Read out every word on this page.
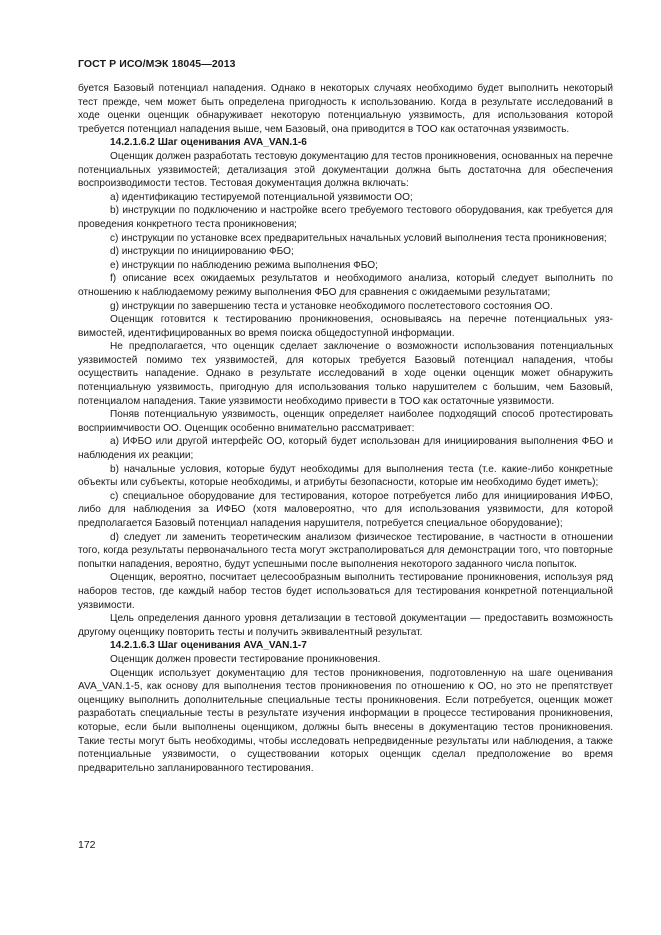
ГОСТ Р ИСО/МЭК 18045—2013

буется Базовый потенциал нападения. Однако в некоторых случаях необходимо будет выполнить некоторый тест прежде, чем может быть определена пригодность к использованию. Когда в результате исследований в ходе оценки оценщик обнаруживает некоторую потенциальную уязвимость, для использования которой требуется потенциал нападения выше, чем Базовый, она приводится в ТОО как остаточная уязвимость.

14.2.1.6.2 Шаг оценивания AVA_VAN.1-6

Оценщик должен разработать тестовую документацию для тестов проникновения, основанных на перечне потенциальных уязвимостей; детализация этой документации должна быть достаточна для обеспечения воспроизводимости тестов. Тестовая документация должна включать:

a) идентификацию тестируемой потенциальной уязвимости ОО;

b) инструкции по подключению и настройке всего требуемого тестового оборудования, как требуется для проведения конкретного теста проникновения;

c) инструкции по установке всех предварительных начальных условий выполнения теста проникновения;

d) инструкции по инициированию ФБО;

e) инструкции по наблюдению режима выполнения ФБО;

f) описание всех ожидаемых результатов и необходимого анализа, который следует выполнить по отношению к наблюдаемому режиму выполнения ФБО для сравнения с ожидаемыми результатами;

g) инструкции по завершению теста и установке необходимого послетестового состояния ОО.

Оценщик готовится к тестированию проникновения, основываясь на перечне потенциальных уязвимостей, идентифицированных во время поиска общедоступной информации.

Не предполагается, что оценщик сделает заключение о возможности использования потенциальных уязвимостей помимо тех уязвимостей, для которых требуется Базовый потенциал нападения, чтобы осуществить нападение. Однако в результате исследований в ходе оценки оценщик может обнаружить потенциальную уязвимость, пригодную для использования только нарушителем с большим, чем Базовый, потенциалом нападения. Такие уязвимости необходимо привести в ТОО как остаточные уязвимости.

Поняв потенциальную уязвимость, оценщик определяет наиболее подходящий способ протестировать восприимчивости ОО. Оценщик особенно внимательно рассматривает:

a) ИФБО или другой интерфейс ОО, который будет использован для инициирования выполнения ФБО и наблюдения их реакции;

b) начальные условия, которые будут необходимы для выполнения теста (т.е. какие-либо конкретные объекты или субъекты, которые необходимы, и атрибуты безопасности, которые им необходимо будет иметь);

c) специальное оборудование для тестирования, которое потребуется либо для инициирования ИФБО, либо для наблюдения за ИФБО (хотя маловероятно, что для использования уязвимости, для которой предполагается Базовый потенциал нападения нарушителя, потребуется специальное оборудование);

d) следует ли заменить теоретическим анализом физическое тестирование, в частности в отношении того, когда результаты первоначального теста могут экстраполироваться для демонстрации того, что повторные попытки нападения, вероятно, будут успешными после выполнения некоторого заданного числа попыток.

Оценщик, вероятно, посчитает целесообразным выполнить тестирование проникновения, используя ряд наборов тестов, где каждый набор тестов будет использоваться для тестирования конкретной потенциальной уязвимости.

Цель определения данного уровня детализации в тестовой документации — предоставить возможность другому оценщику повторить тесты и получить эквивалентный результат.

14.2.1.6.3 Шаг оценивания AVA_VAN.1-7

Оценщик должен провести тестирование проникновения.

Оценщик использует документацию для тестов проникновения, подготовленную на шаге оценивания AVA_VAN.1-5, как основу для выполнения тестов проникновения по отношению к ОО, но это не препятствует оценщику выполнить дополнительные специальные тесты проникновения. Если потребуется, оценщик может разработать специальные тесты в результате изучения информации в процессе тестирования проникновения, которые, если были выполнены оценщиком, должны быть внесены в документацию тестов проникновения. Такие тесты могут быть необходимы, чтобы исследовать непредвиденные результаты или наблюдения, а также потенциальные уязвимости, о существовании которых оценщик сделал предположение во время предварительно запланированного тестирования.

172
